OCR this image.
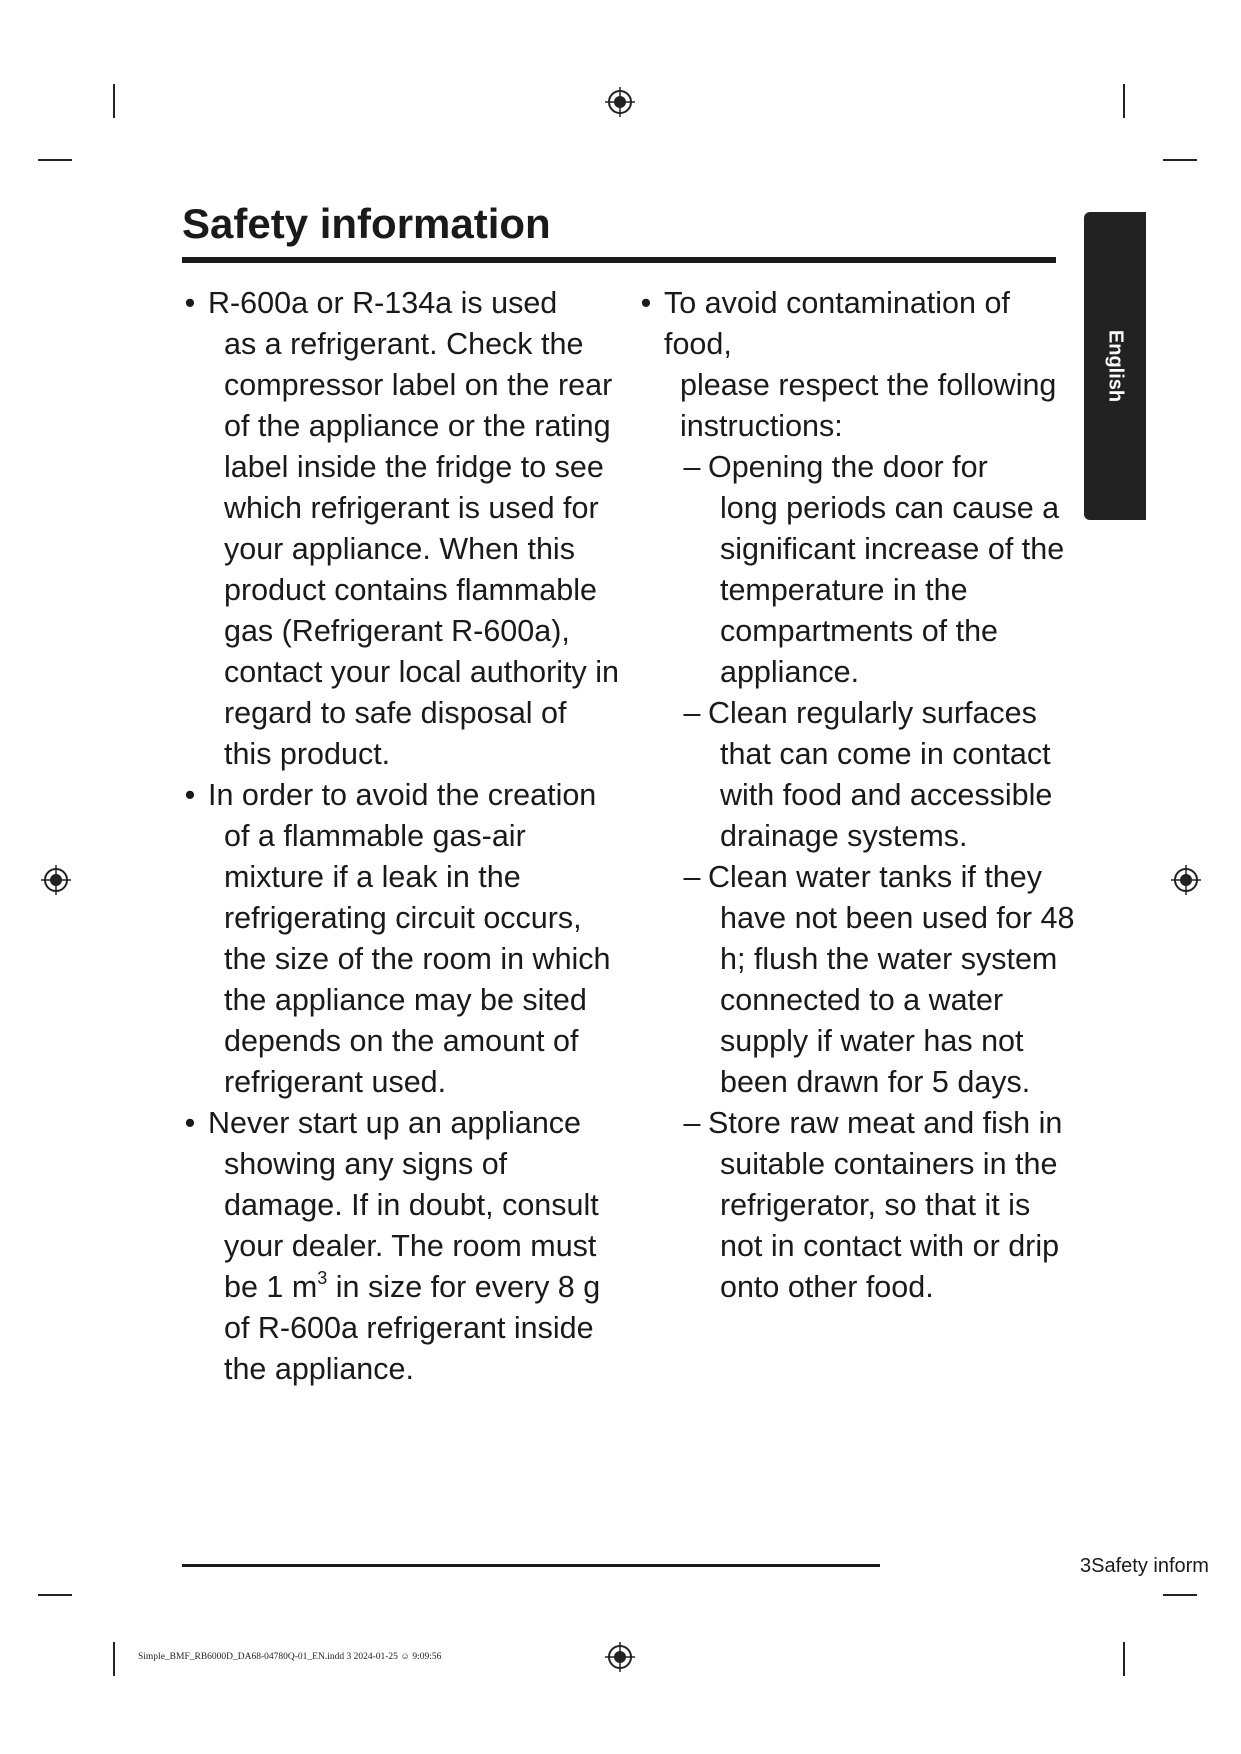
Safety information
English
• R-600a or R-134a is used
as a refrigerant. Check the compressor label on the rear of the appliance or the rating label inside the fridge to see which refrigerant is used for your appliance. When this product contains flammable gas (Refrigerant R-600a), contact your local authority in regard to safe disposal of this product.
• In order to avoid the creation
of a flammable gas-air mixture if a leak in the refrigerating circuit occurs, the size of the room in which the appliance may be sited depends on the amount of refrigerant used.
• Never start up an appliance
showing any signs of damage. If in doubt, consult your dealer. The room must be 1 $m^3$ in size for every 8 g of R-600a refrigerant inside the appliance.
• To avoid contamination of food,
please respect the following instructions:
– Opening the door for
long periods can cause a significant increase of the temperature in the compartments of the appliance.
– Clean regularly surfaces
that can come in contact with food and accessible drainage systems.
– Clean water tanks if they
have not been used for 48 h; flush the water system connected to a water supply if water has not been drawn for 5 days.
– Store raw meat and fish in
suitable containers in the refrigerator, so that it is not in contact with or drip onto other food.
3Safety inform
Simple_BMF_RB6000D_DA68-04780Q-01_EN.indd 3 2024-01-25 ☺ 9:09:56
